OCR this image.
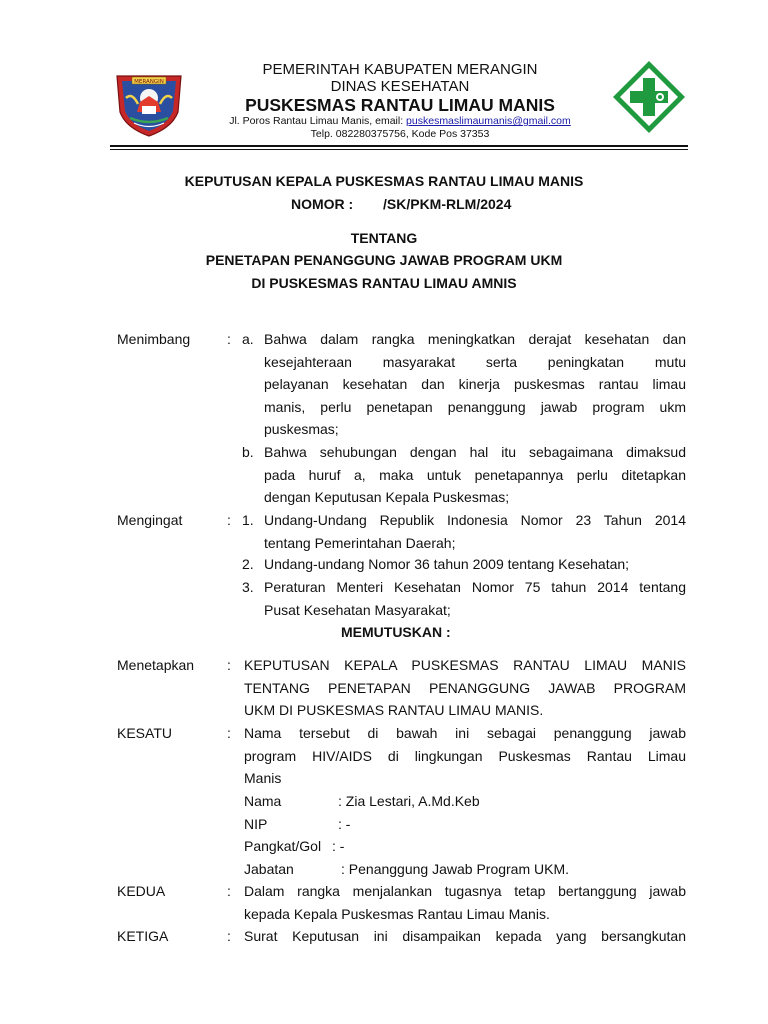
MERANGIN
PEMERINTAH KABUPATEN MERANGIN
DINAS KESEHATAN
PUSKESMAS RANTAU LIMAU MANIS
Jl. Poros Rantau Limau Manis, email: puskesmaslimaumanis@gmail.com
Telp. 082280375756, Kode Pos 37353
KEPUTUSAN KEPALA PUSKESMAS RANTAU LIMAU MANIS
NOMOR : /SK/PKM-RLM/2024
TENTANG
PENETAPAN PENANGGUNG JAWAB PROGRAM UKM
DI PUSKESMAS RANTAU LIMAU AMNIS
Menimbang	: a. Bahwa dalam rangka meningkatkan derajat kesehatan dan
kesejahteraan masyarakat serta peningkatan mutu
pelayanan kesehatan dan kinerja puskesmas rantau limau
manis, perlu penetapan penanggung jawab program ukm
puskesmas;
b. Bahwa sehubungan dengan hal itu sebagaimana dimaksud
pada huruf a, maka untuk penetapannya perlu ditetapkan
dengan Keputusan Kepala Puskesmas;
Mengingat	: 1. Undang-Undang Republik Indonesia Nomor 23 Tahun 2014
tentang Pemerintahan Daerah;
2. Undang-undang Nomor 36 tahun 2009 tentang Kesehatan;
3. Peraturan Menteri Kesehatan Nomor 75 tahun 2014 tentang
Pusat Kesehatan Masyarakat;
MEMUTUSKAN :
Menetapkan : KEPUTUSAN KEPALA PUSKESMAS RANTAU LIMAU MANIS
TENTANG PENETAPAN PENANGGUNG JAWAB PROGRAM
UKM DI PUSKESMAS RANTAU LIMAU MANIS.
KESATU	: Nama tersebut di bawah ini sebagai penanggung jawab
program HIV/AIDS di lingkungan Puskesmas Rantau Limau
Manis
Nama	: Zia Lestari, A.Md.Keb
NIP	: -
Pangkat/Gol : -
Jabatan	: Penanggung Jawab Program UKM.
KEDUA	: Dalam rangka menjalankan tugasnya tetap bertanggung jawab
kepada Kepala Puskesmas Rantau Limau Manis.
KETIGA	: Surat Keputusan ini disampaikan kepada yang bersangkutan
